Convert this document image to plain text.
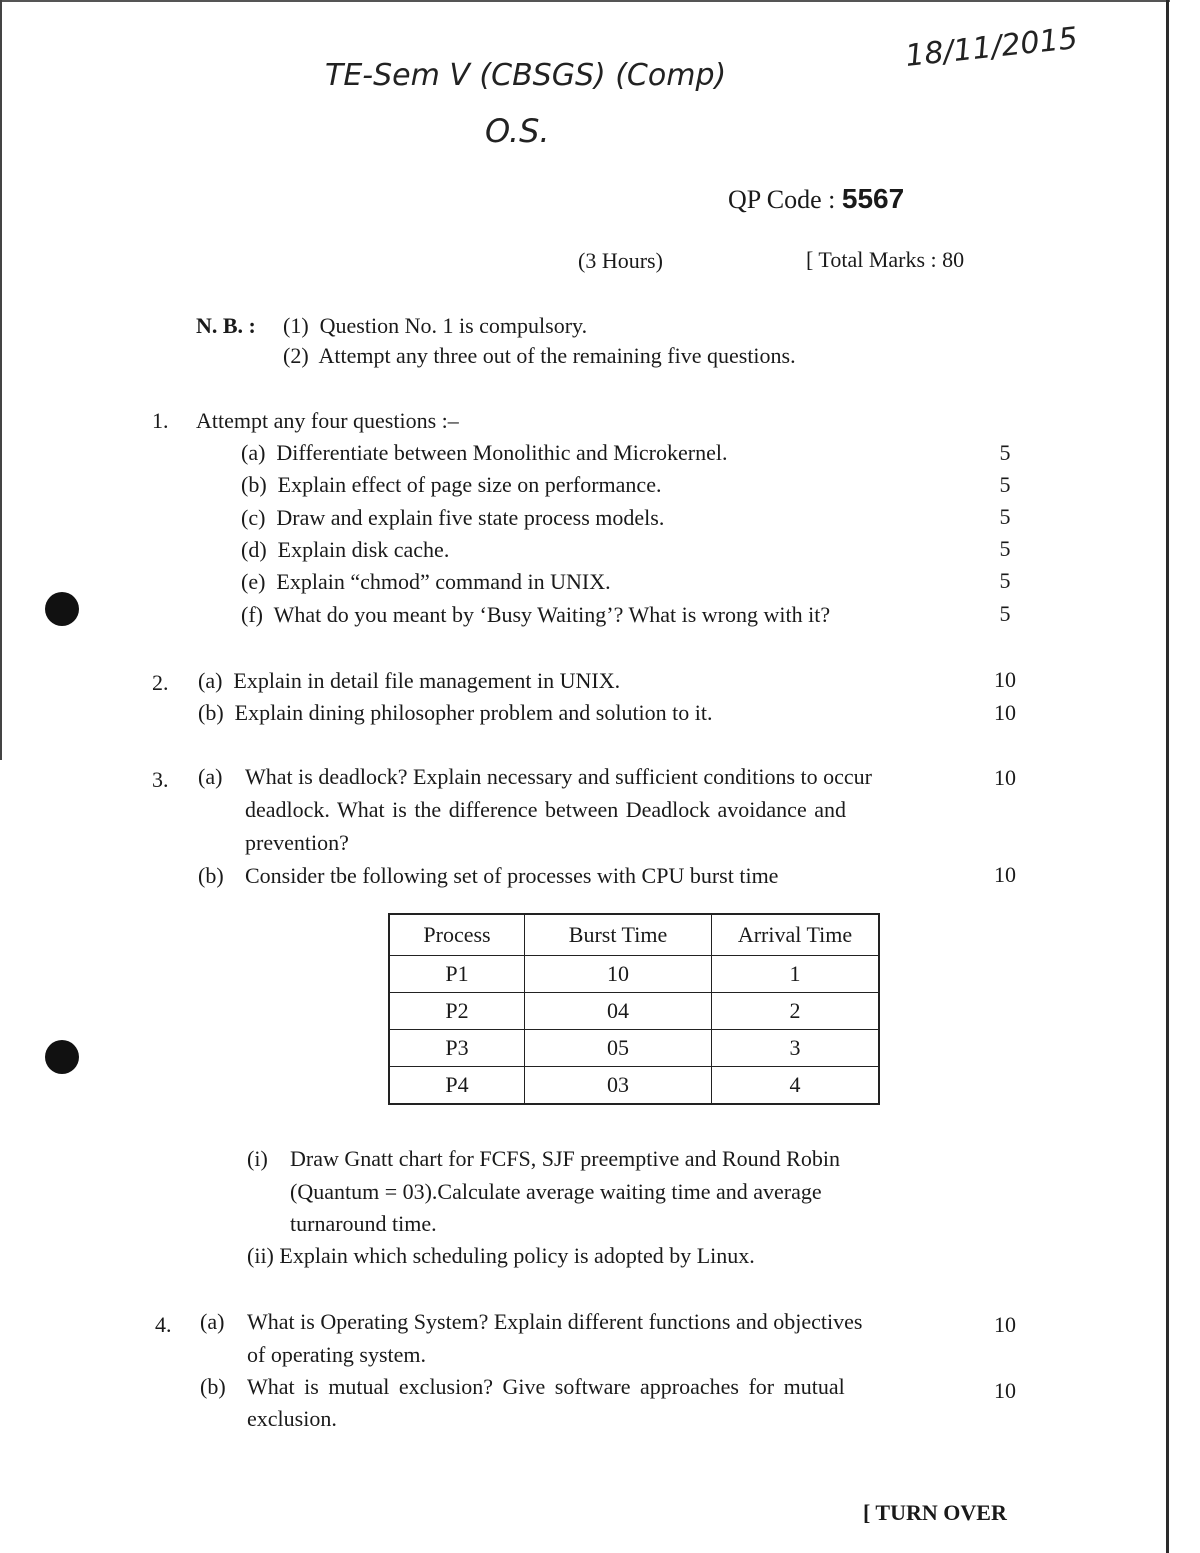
TE-Sem V (CBSGS) (Comp)
O.S.
18/11/2015
QP Code : 5567
(3 Hours)	[ Total Marks : 80
N. B. : (1) Question No. 1 is compulsory.
(2) Attempt any three out of the remaining five questions.
1. Attempt any four questions :–
(a) Differentiate between Monolithic and Microkernel.	5
(b) Explain effect of page size on performance.	5
(c) Draw and explain five state process models.	5
(d) Explain disk cache.	5
(e) Explain “chmod” command in UNIX.	5
(f) What do you meant by ‘Busy Waiting’? What is wrong with it?	5
2. (a) Explain in detail file management in UNIX.	10
(b) Explain dining philosopher problem and solution to it.	10
3. (a) What is deadlock? Explain necessary and sufficient conditions to occur
deadlock. What is the difference between Deadlock avoidance and
prevention?
10
(b) Consider tbe following set of processes with CPU burst time	10
Process	Burst Time	Arrival Time
P1	10	1
P2	04	2
P3	05	3
P4	03	4
(i) Draw Gnatt chart for FCFS, SJF preemptive and Round Robin
(Quantum = 03).Calculate average waiting time and average
turnaround time.
(ii) Explain which scheduling policy is adopted by Linux.
4. (a) What is Operating System? Explain different functions and objectives
of operating system.
10
(b) What is mutual exclusion? Give software approaches for mutual
exclusion.
10
[ TURN OVER
